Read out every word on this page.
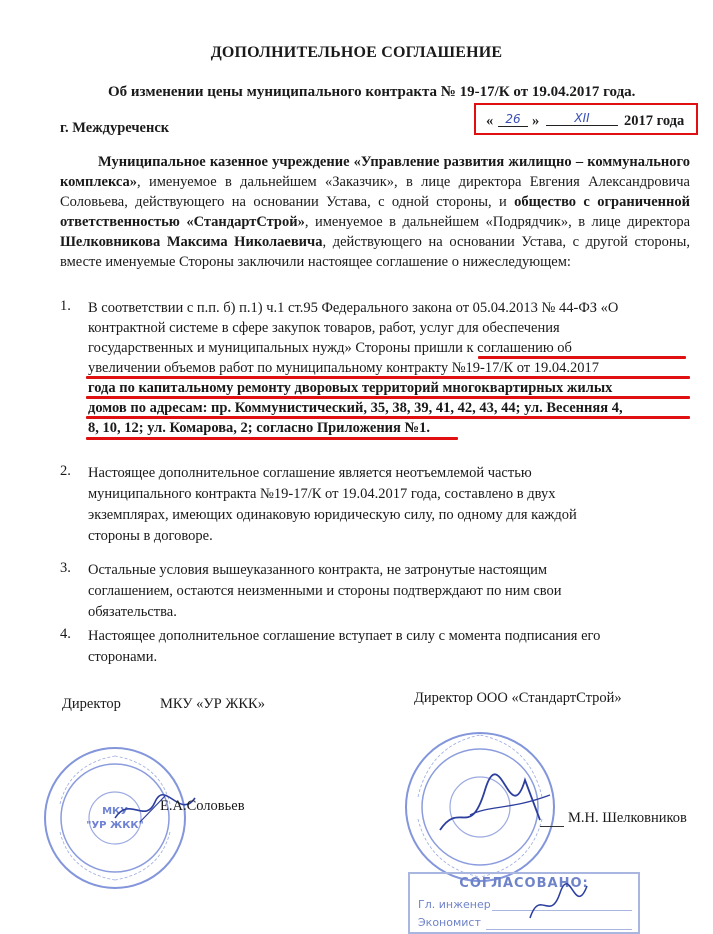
ДОПОЛНИТЕЛЬНОЕ СОГЛАШЕНИЕ
Об изменении цены муниципального контракта № 19-17/К от 19.04.2017 года.
г. Междуреченск	«	26 »	XII	2017 года
Муниципальное казенное учреждение «Управление развития жилищно – коммунального комплекса», именуемое в дальнейшем «Заказчик», в лице директора Евгения Александровича Соловьева, действующего на основании Устава, с одной стороны, и общество с ограниченной ответственностью «СтандартСтрой», именуемое в дальнейшем «Подрядчик», в лице директора Шелковникова Максима Николаевича, действующего на основании Устава, с другой стороны, вместе именуемые Стороны заключили настоящее соглашение о нижеследующем:
1. В соответствии с п.п. б) п.1) ч.1 ст.95 Федерального закона от 05.04.2013 № 44-ФЗ «О
контрактной системе в сфере закупок товаров, работ, услуг для обеспечения
государственных и муниципальных нужд» Стороны пришли к соглашению об
увеличении объемов работ по муниципальному контракту №19-17/К от 19.04.2017
года по капитальному ремонту дворовых территорий многоквартирных жилых
домов по адресам: пр. Коммунистический, 35, 38, 39, 41, 42, 43, 44; ул. Весенняя 4,
8, 10, 12; ул. Комарова, 2; согласно Приложения №1.
2. Настоящее дополнительное соглашение является неотъемлемой частью
муниципального контракта №19-17/К от 19.04.2017 года, составлено в двух
экземплярах, имеющих одинаковую юридическую силу, по одному для каждой
стороны в договоре.
3. Остальные условия вышеуказанного контракта, не затронутые настоящим
соглашением, остаются неизменными и стороны подтверждают по ним свои
обязательства.
4. Настоящее дополнительное соглашение вступает в силу с момента подписания его
сторонами.
Директор	МКУ «УР ЖКК»	Директор ООО «СтандартСтрой»
МКУ
"УР ЖКК"
Е.А.Соловьев
М.Н. Шелковников
СОГЛАСОВАНО:
Гл. инженер
Экономист
